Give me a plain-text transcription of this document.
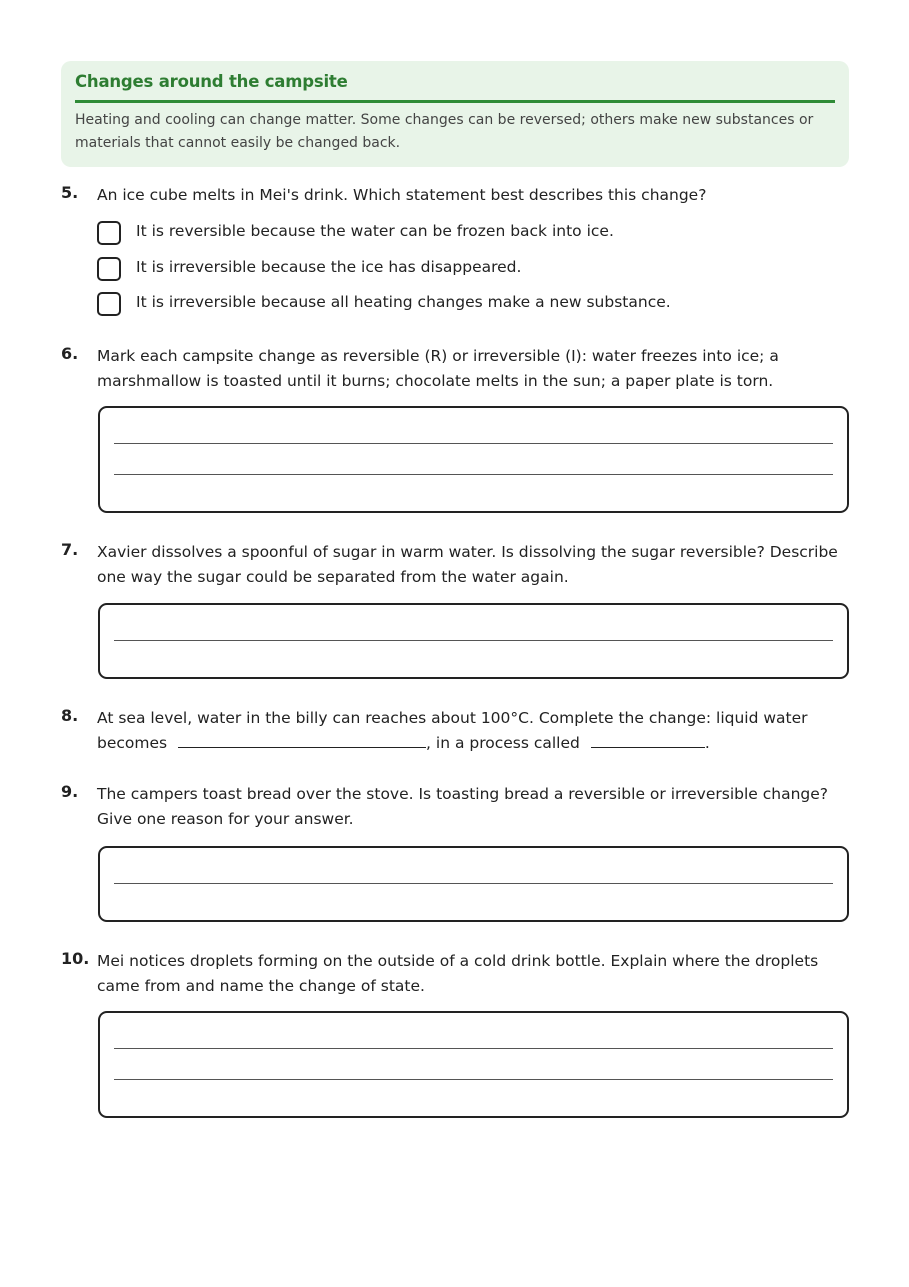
Changes around the campsite
Heating and cooling can change matter. Some changes can be reversed; others make new substances or materials that cannot easily be changed back.
5. An ice cube melts in Mei's drink. Which statement best describes this change?
It is reversible because the water can be frozen back into ice.
It is irreversible because the ice has disappeared.
It is irreversible because all heating changes make a new substance.
6. Mark each campsite change as reversible (R) or irreversible (I): water freezes into ice; a marshmallow is toasted until it burns; chocolate melts in the sun; a paper plate is torn.
7. Xavier dissolves a spoonful of sugar in warm water. Is dissolving the sugar reversible? Describe one way the sugar could be separated from the water again.
8. At sea level, water in the billy can reaches about 100°C. Complete the change: liquid water
becomes	, in a process called	.
9. The campers toast bread over the stove. Is toasting bread a reversible or irreversible change? Give one reason for your answer.
10. Mei notices droplets forming on the outside of a cold drink bottle. Explain where the droplets came from and name the change of state.
